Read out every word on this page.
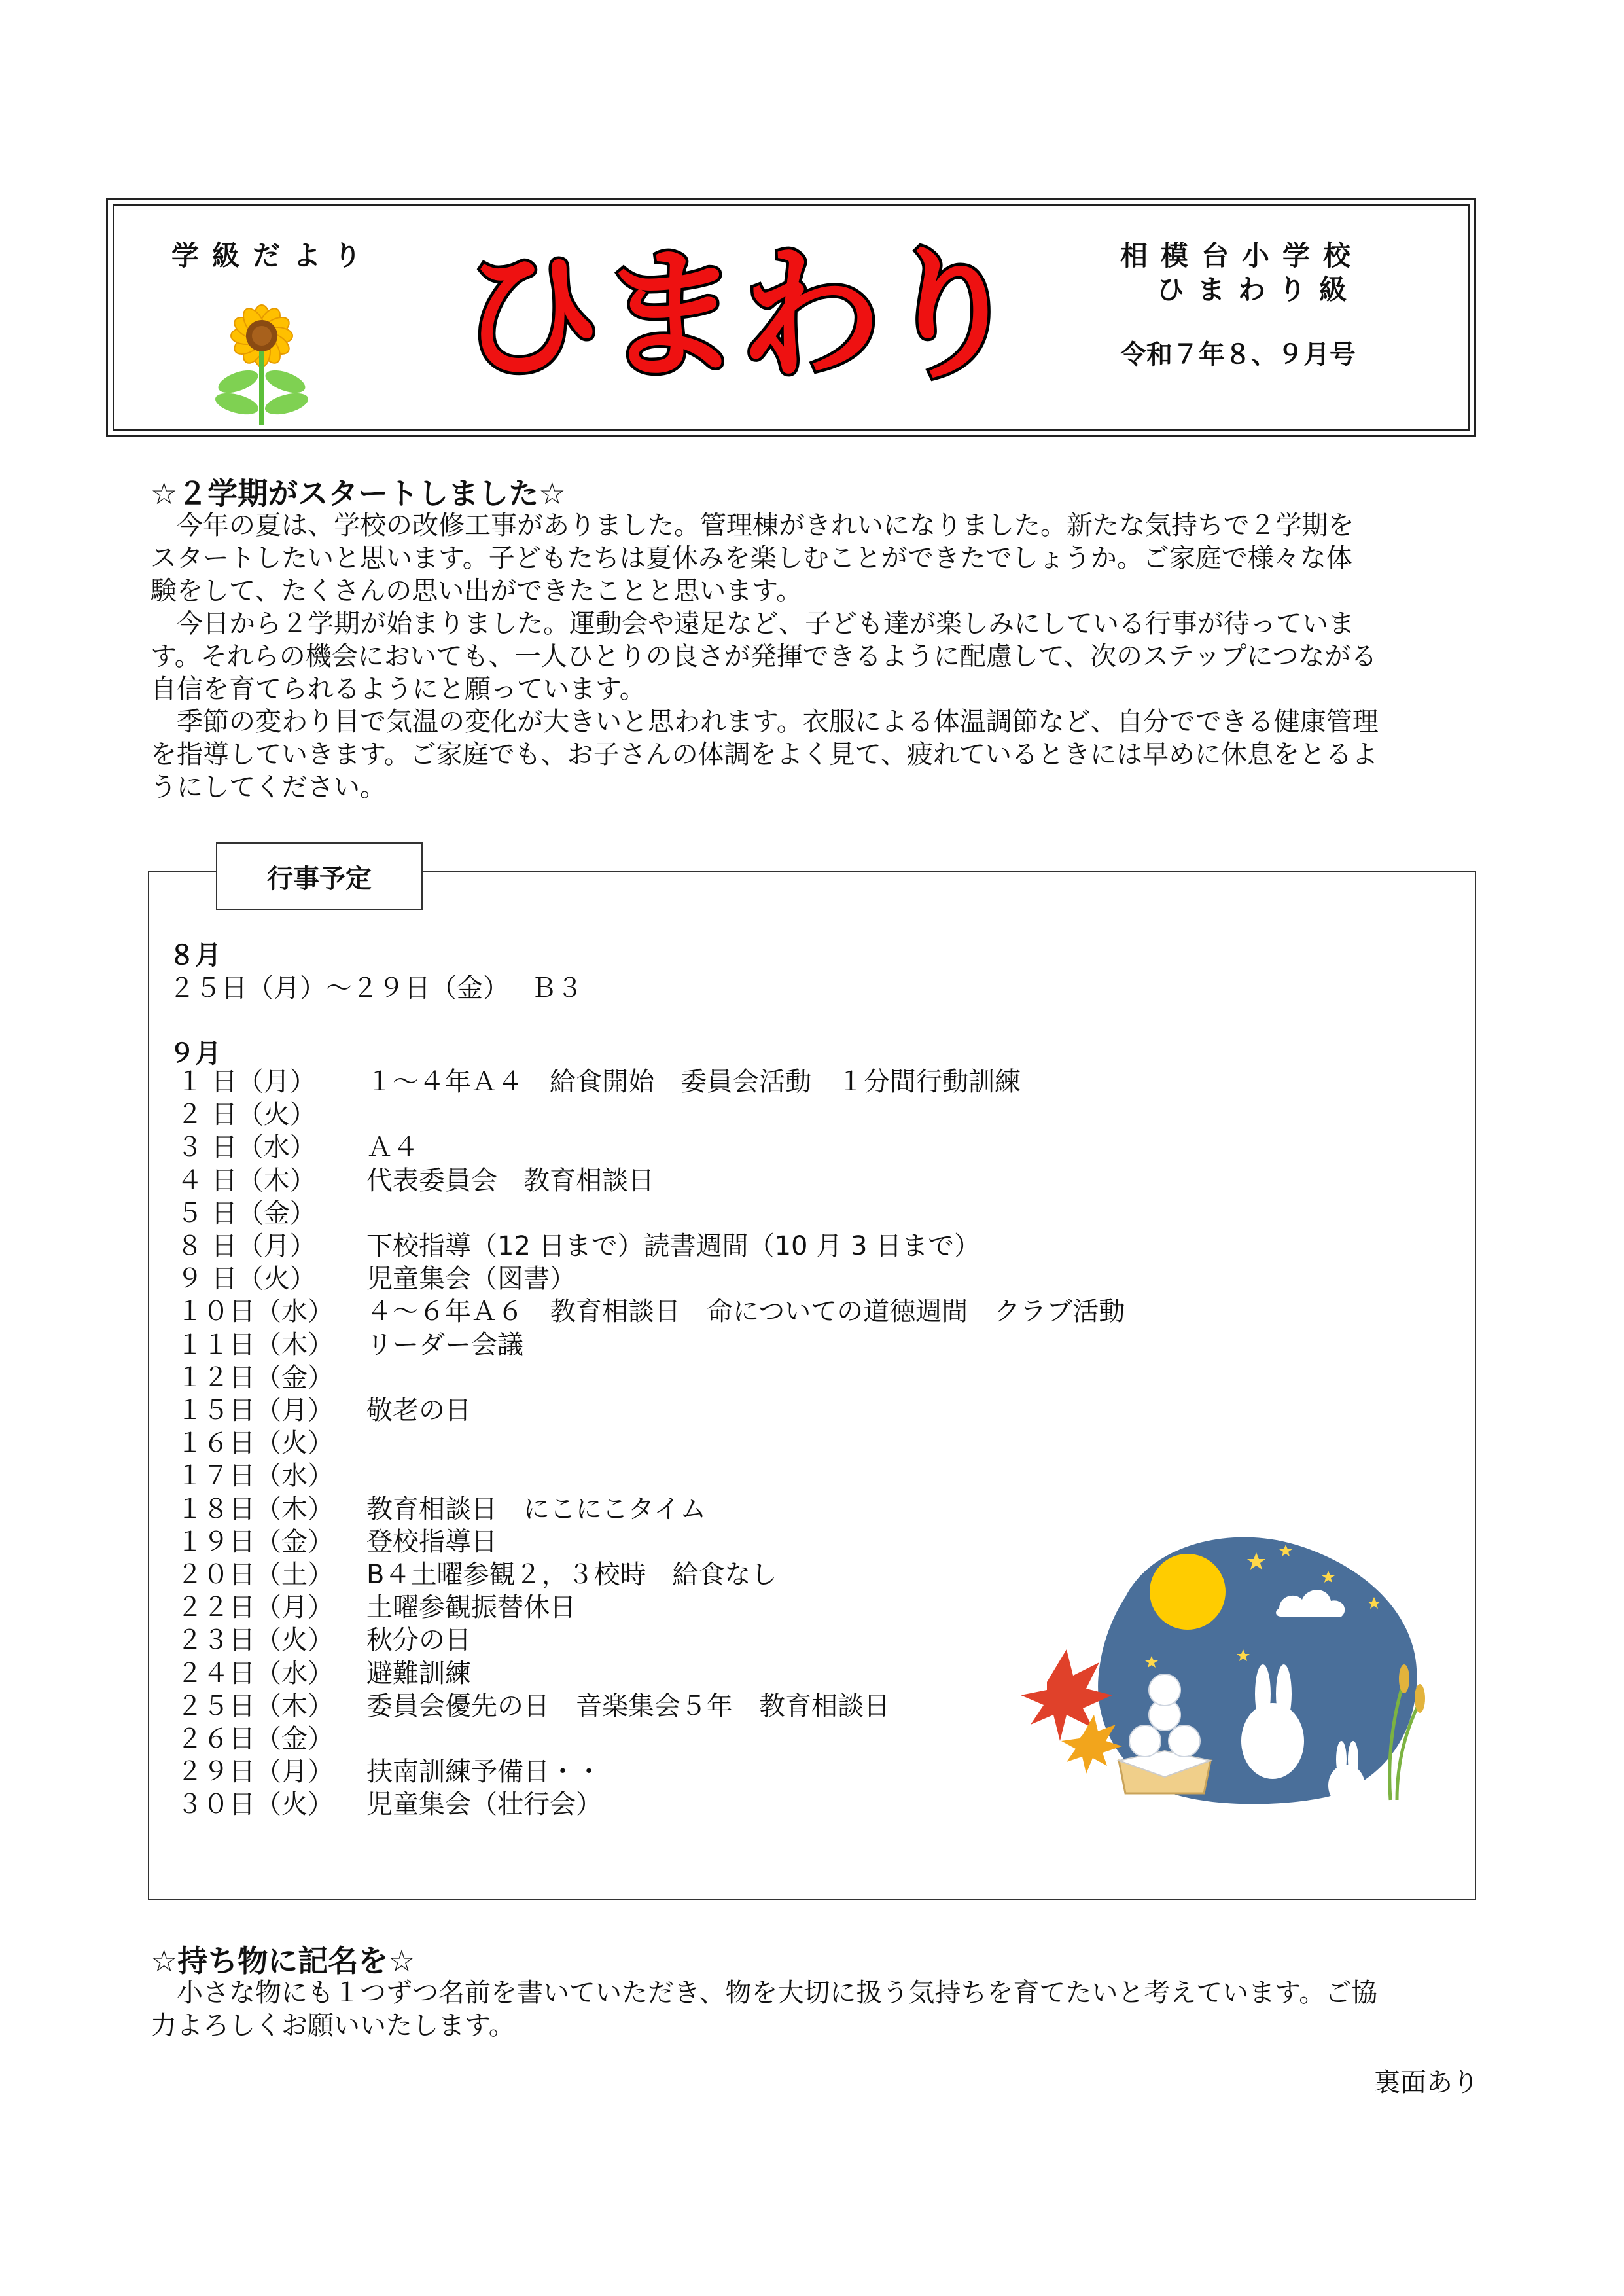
学級だより ひまわり	相模台小学校
ひまわり級
令和７年８、９月号
☆２学期がスタートしました☆
　今年の夏は、学校の改修工事がありました。管理棟がきれいになりました。新たな気持ちで２学期を
スタートしたいと思います。子どもたちは夏休みを楽しむことができたでしょうか。ご家庭で様々な体
験をして、たくさんの思い出ができたことと思います。
　今日から２学期が始まりました。運動会や遠足など、子ども達が楽しみにしている行事が待っていま
す。それらの機会においても、一人ひとりの良さが発揮できるように配慮して、次のステップにつながる
自信を育てられるようにと願っています。
　季節の変わり目で気温の変化が大きいと思われます。衣服による体温調節など、自分でできる健康管理
を指導していきます。ご家庭でも、お子さんの体調をよく見て、疲れているときには早めに休息をとるよ
うにしてください。
行事予定
８月
２５日（月）～２９日（金）　 Ｂ３
９月
１ 日（月）１～４年Ａ４　給食開始　委員会活動　１分間行動訓練
２ 日（火）
３ 日（水） Ａ４
４ 日（木） 代表委員会　教育相談日
５ 日（金）
８ 日（月） 下校指導（12 日まで）読書週間（10 月 3 日まで）
９ 日（火） 児童集会（図書）
１０日（水）４～６年Ａ６　教育相談日　命についての道徳週間　クラブ活動
１１日（木） リーダー会議
１２日（金）
１５日（月） 敬老の日
１６日（火）
１７日（水）
１８日（木） 教育相談日　にこにこタイム
１９日（金） 登校指導日
２０日（土） B４土曜参観２，３校時　給食なし
２２日（月） 土曜参観振替休日
２３日（火） 秋分の日
２４日（水） 避難訓練
２５日（木） 委員会優先の日　音楽集会５年　教育相談日
２６日（金）
２９日（月） 扶南訓練予備日・・
３０日（火） 児童集会（壮行会）
☆持ち物に記名を☆
　小さな物にも１つずつ名前を書いていただき、物を大切に扱う気持ちを育てたいと考えています。ご協
力よろしくお願いいたします。
裏面あり
